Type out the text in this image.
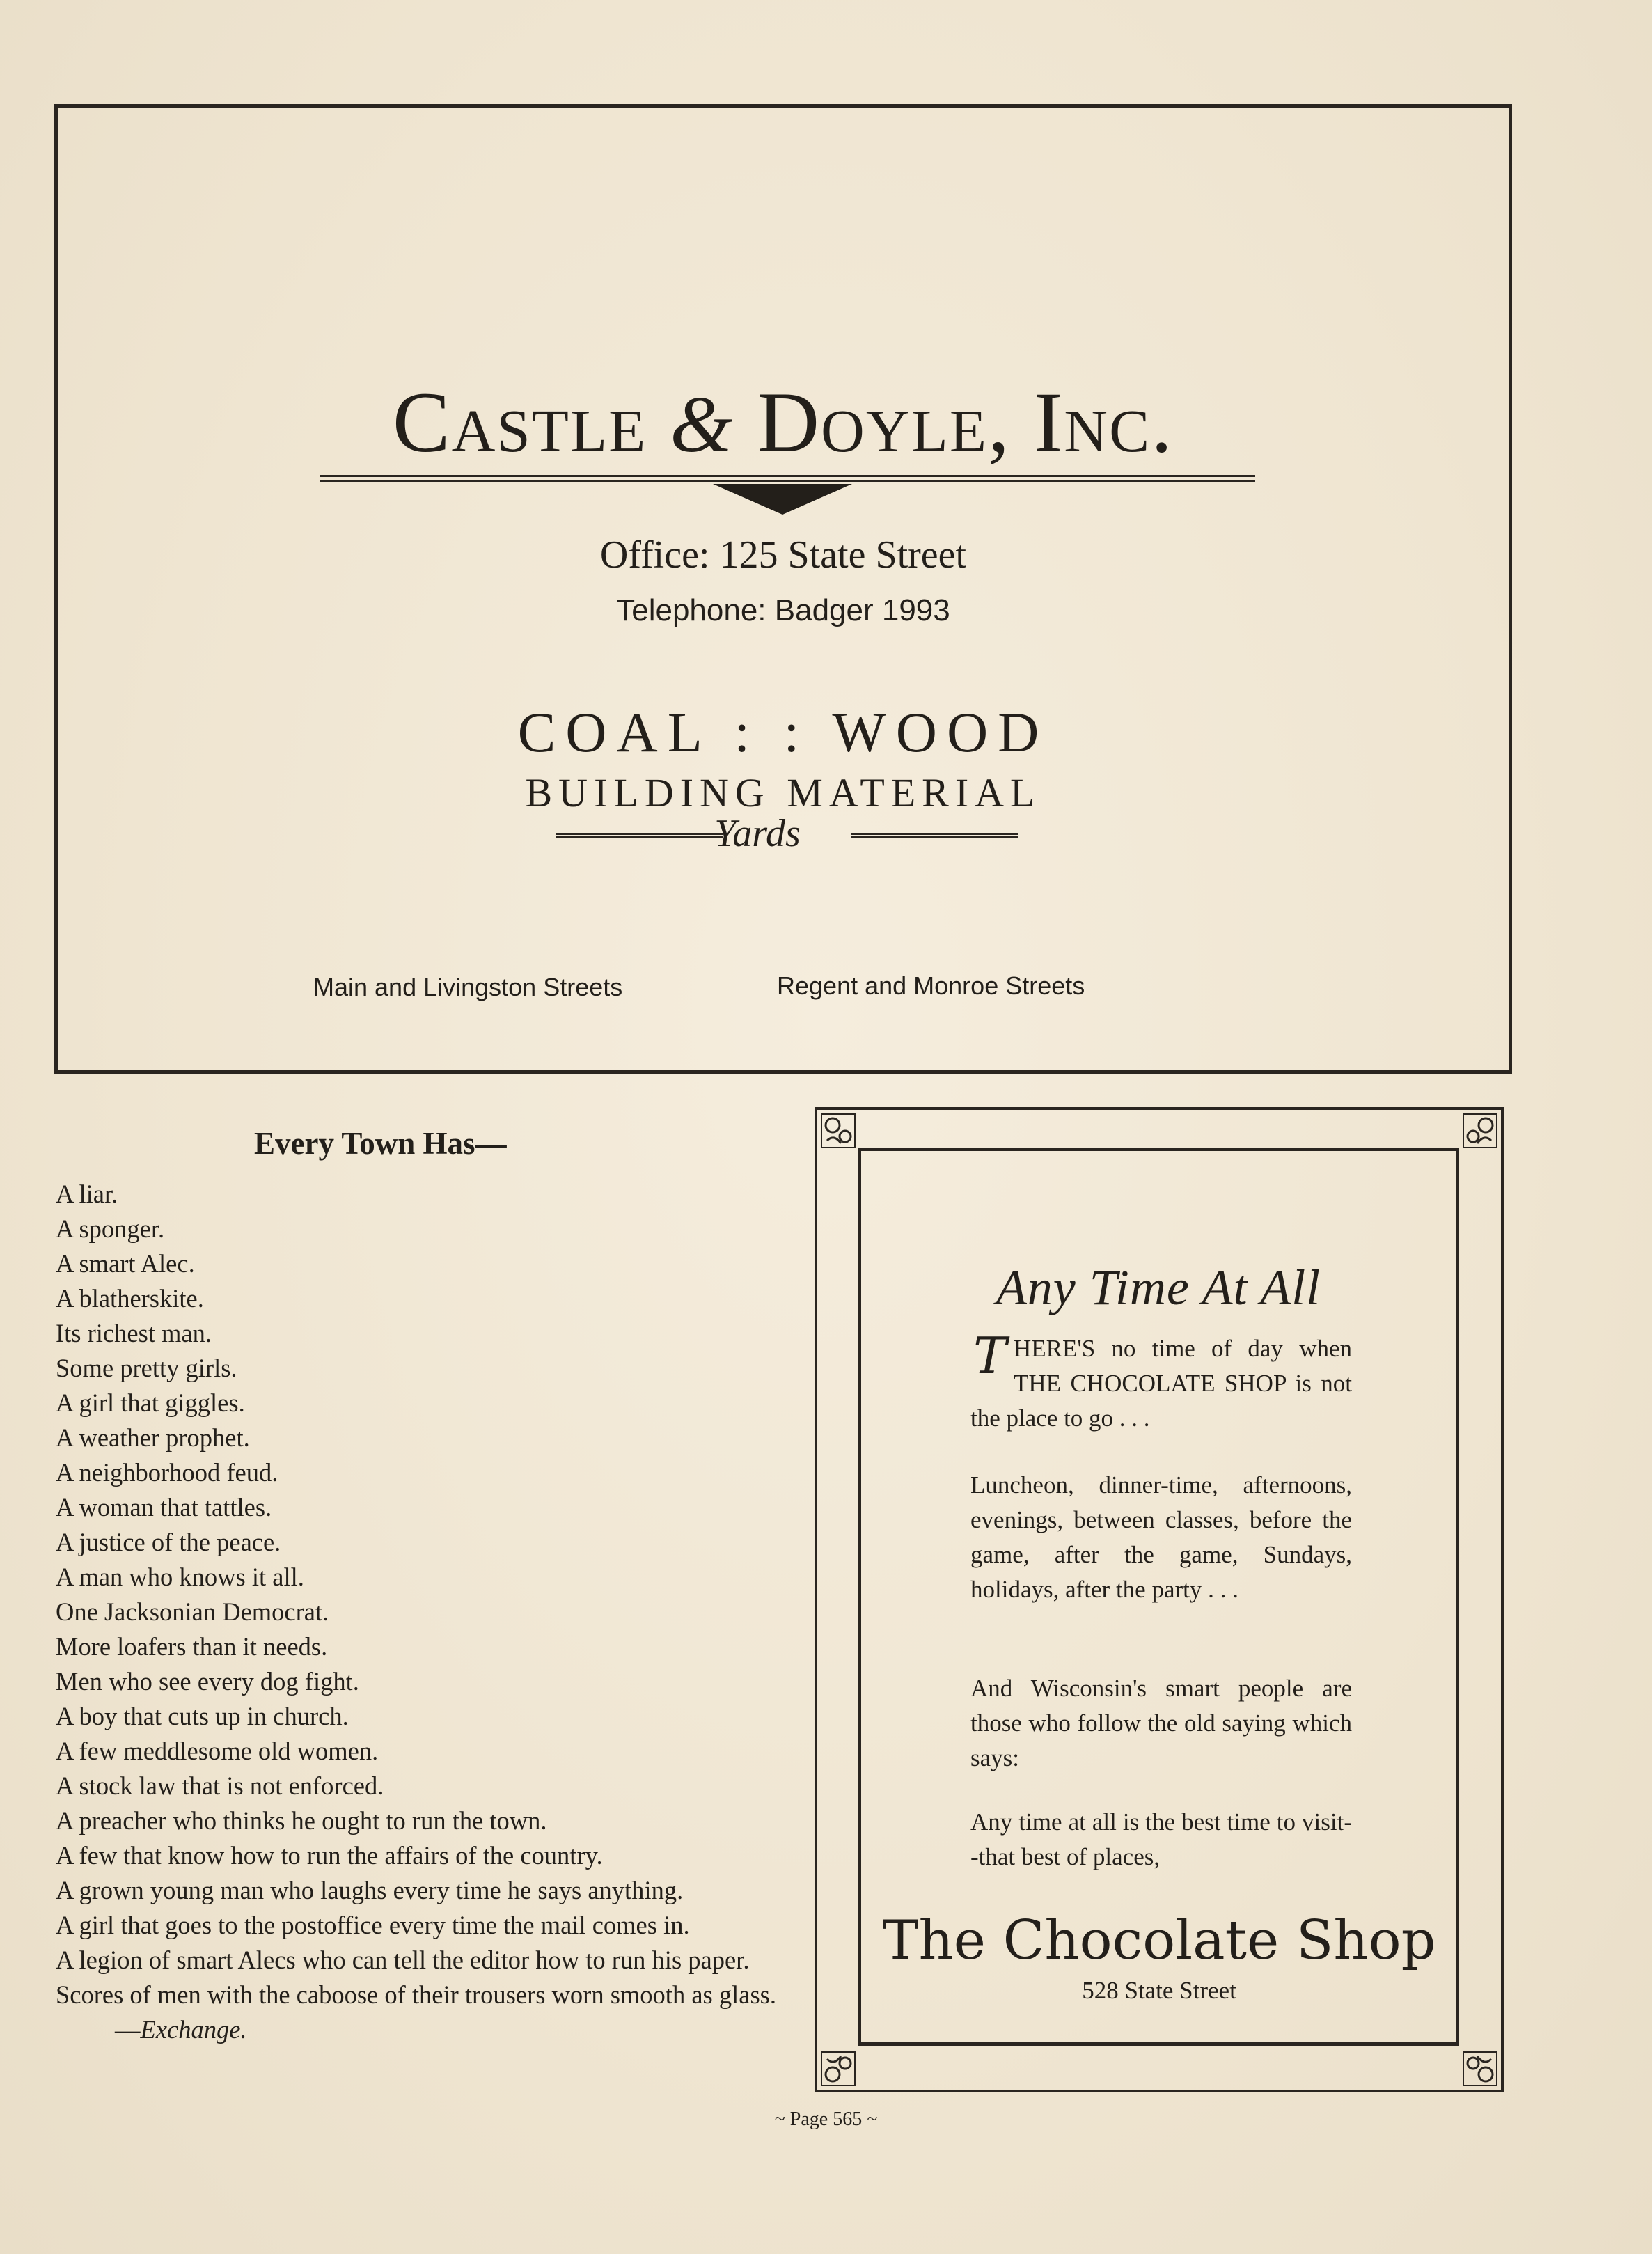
Castle & Doyle, Inc.
Office: 125 State Street
Telephone: Badger 1993
COAL : : WOOD
BUILDING MATERIAL
Yards
Main and Livingston Streets	Regent and Monroe Streets
Every Town Has—
A liar.
A sponger.
A smart Alec.
A blatherskite.
Its richest man.
Some pretty girls.
A girl that giggles.
A weather prophet.
A neighborhood feud.
A woman that tattles.
A justice of the peace.
A man who knows it all.
One Jacksonian Democrat.
More loafers than it needs.
Men who see every dog fight.
A boy that cuts up in church.
A few meddlesome old women.
A stock law that is not enforced.
A preacher who thinks he ought to run the town.
A few that know how to run the affairs of the country.
A grown young man who laughs every time he says anything.
A girl that goes to the postoffice every time the mail comes in.
A legion of smart Alecs who can tell the editor how to run his paper.
Scores of men with the caboose of their trousers worn smooth as glass.—Exchange.
Any Time At All

THERE'S no time of day when THE CHOCOLATE SHOP is not the place to go . . .

Luncheon, dinner-time, afternoons, evenings, between classes, before the game, after the game, Sundays, holidays, after the party . . .

And Wisconsin's smart people are those who follow the old saying which says:

Any time at all is the best time to visit--that best of places,

The Chocolate Shop
528 State Street
~ Page 565 ~
